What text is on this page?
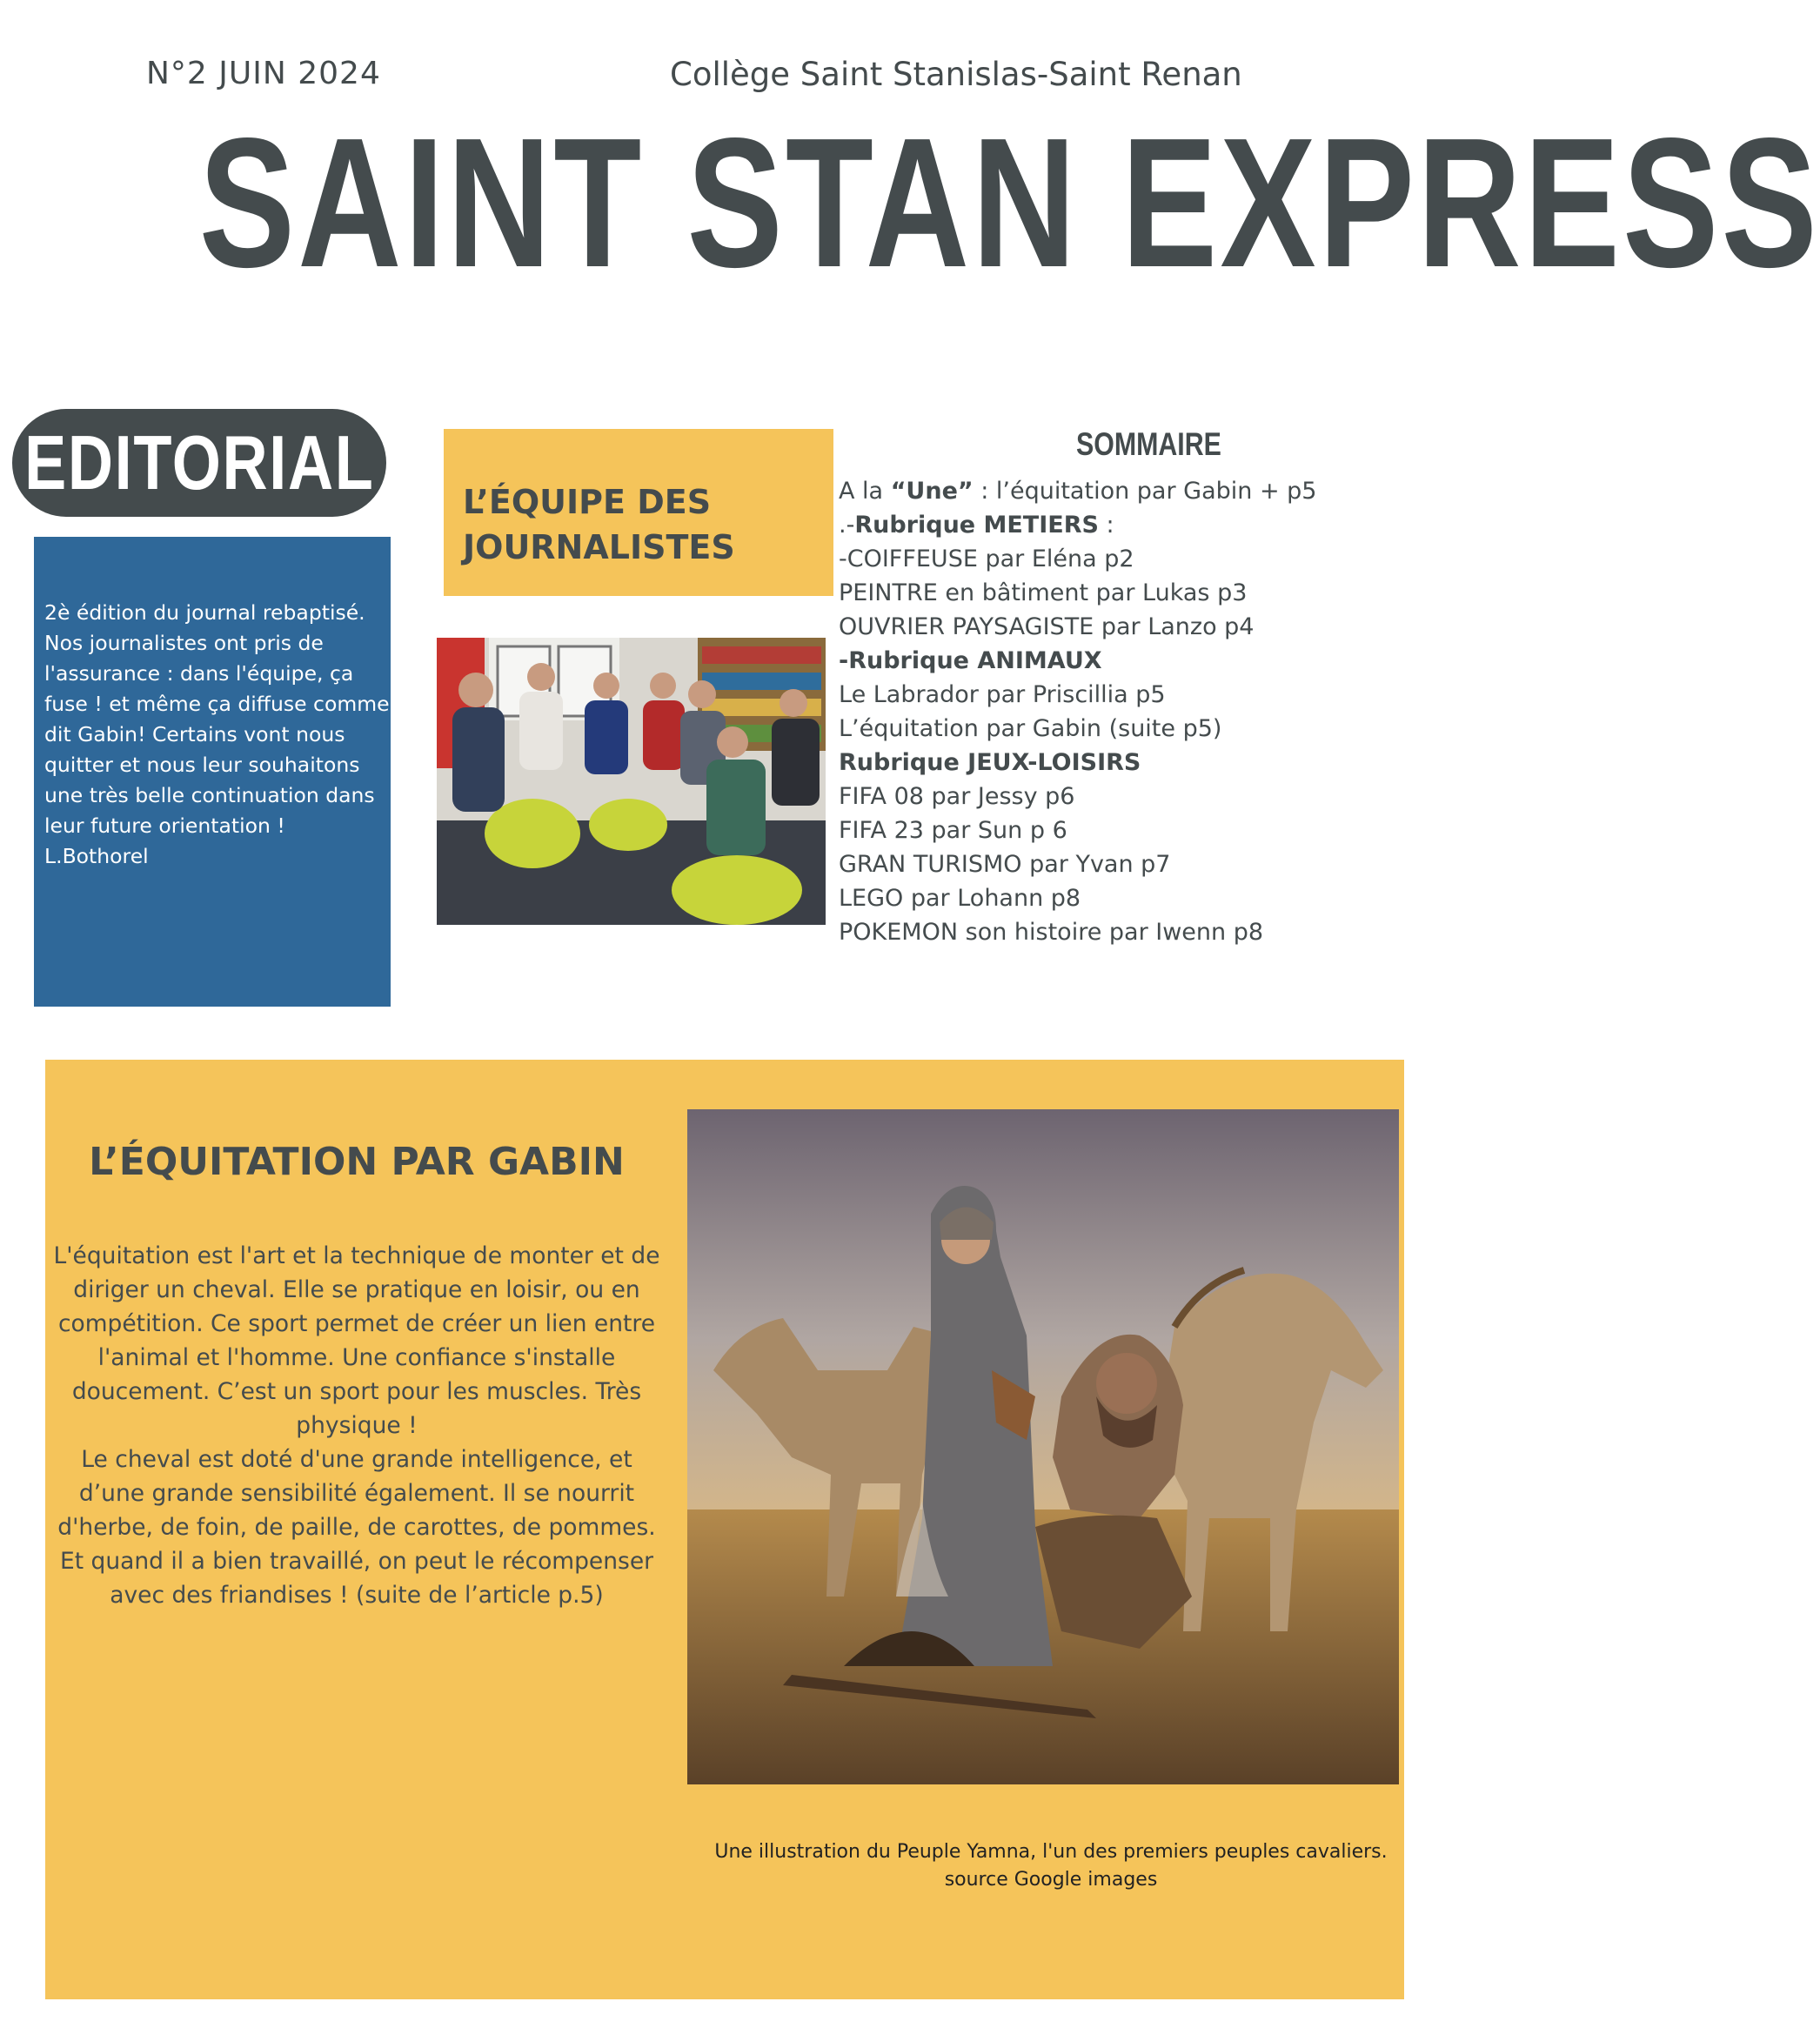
N°2 JUIN 2024	Collège Saint Stanislas-Saint Renan
SAINT STAN EXPRESS
EDITORIAL

2è édition du journal rebaptisé. Nos journalistes ont pris de l'assurance : dans l'équipe, ça fuse ! et même ça diffuse comme dit Gabin! Certains vont nous quitter et nous leur souhaitons une très belle continuation dans leur future orientation !

L.Bothorel

L’ÉQUIPE DES
JOURNALISTES
SOMMAIRE
A la “Une” : l’équitation par Gabin + p5
.-Rubrique METIERS :
-COIFFEUSE par Eléna p2
PEINTRE en bâtiment par Lukas p3
OUVRIER PAYSAGISTE par Lanzo p4
-Rubrique ANIMAUX
Le Labrador par Priscillia p5
L’équitation par Gabin (suite p5)
Rubrique JEUX-LOISIRS
FIFA 08 par Jessy p6
FIFA 23 par Sun p 6
GRAN TURISMO par Yvan p7
LEGO par Lohann p8
POKEMON son histoire par Iwenn p8
L’ÉQUITATION PAR GABIN
L'équitation est l'art et la technique de monter et de diriger un cheval. Elle se pratique en loisir, ou en compétition. Ce sport permet de créer un lien entre l'animal et l'homme. Une confiance s'installe doucement. C’est un sport pour les muscles. Très physique !
Le cheval est doté d'une grande intelligence, et d’une grande sensibilité également. Il se nourrit d'herbe, de foin, de paille, de carottes, de pommes. Et quand il a bien travaillé, on peut le récompenser avec des friandises ! (suite de l’article p.5)
Une illustration du Peuple Yamna, l'un des premiers peuples cavaliers.
source Google images
